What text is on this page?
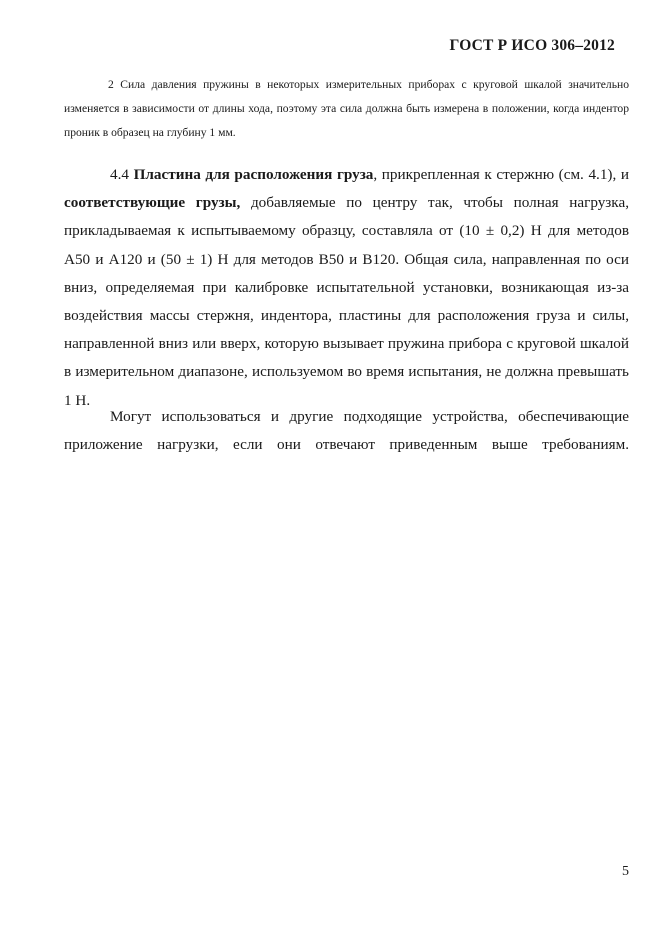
ГОСТ Р ИСО 306–2012
2 Сила давления пружины в некоторых измерительных приборах с круговой шкалой значительно изменяется в зависимости от длины хода, поэтому эта сила должна быть измерена в положении, когда индентор проник в образец на глубину 1 мм.
4.4 Пластина для расположения груза, прикрепленная к стержню (см. 4.1), и соответствующие грузы, добавляемые по центру так, чтобы полная нагрузка, прикладываемая к испытываемому образцу, составляла от (10 ± 0,2) Н для методов А50 и А120 и (50 ± 1) Н для методов В50 и В120. Общая сила, направленная по оси вниз, определяемая при калибровке испытательной установки, возникающая из-за воздействия массы стержня, индентора, пластины для расположения груза и силы, направленной вниз или вверх, которую вызывает пружина прибора с круговой шкалой в измерительном диапазоне, используемом во время испытания, не должна превышать 1 Н.
Могут использоваться и другие подходящие устройства, обеспечивающие приложение нагрузки, если они отвечают приведенным выше требованиям.
5
